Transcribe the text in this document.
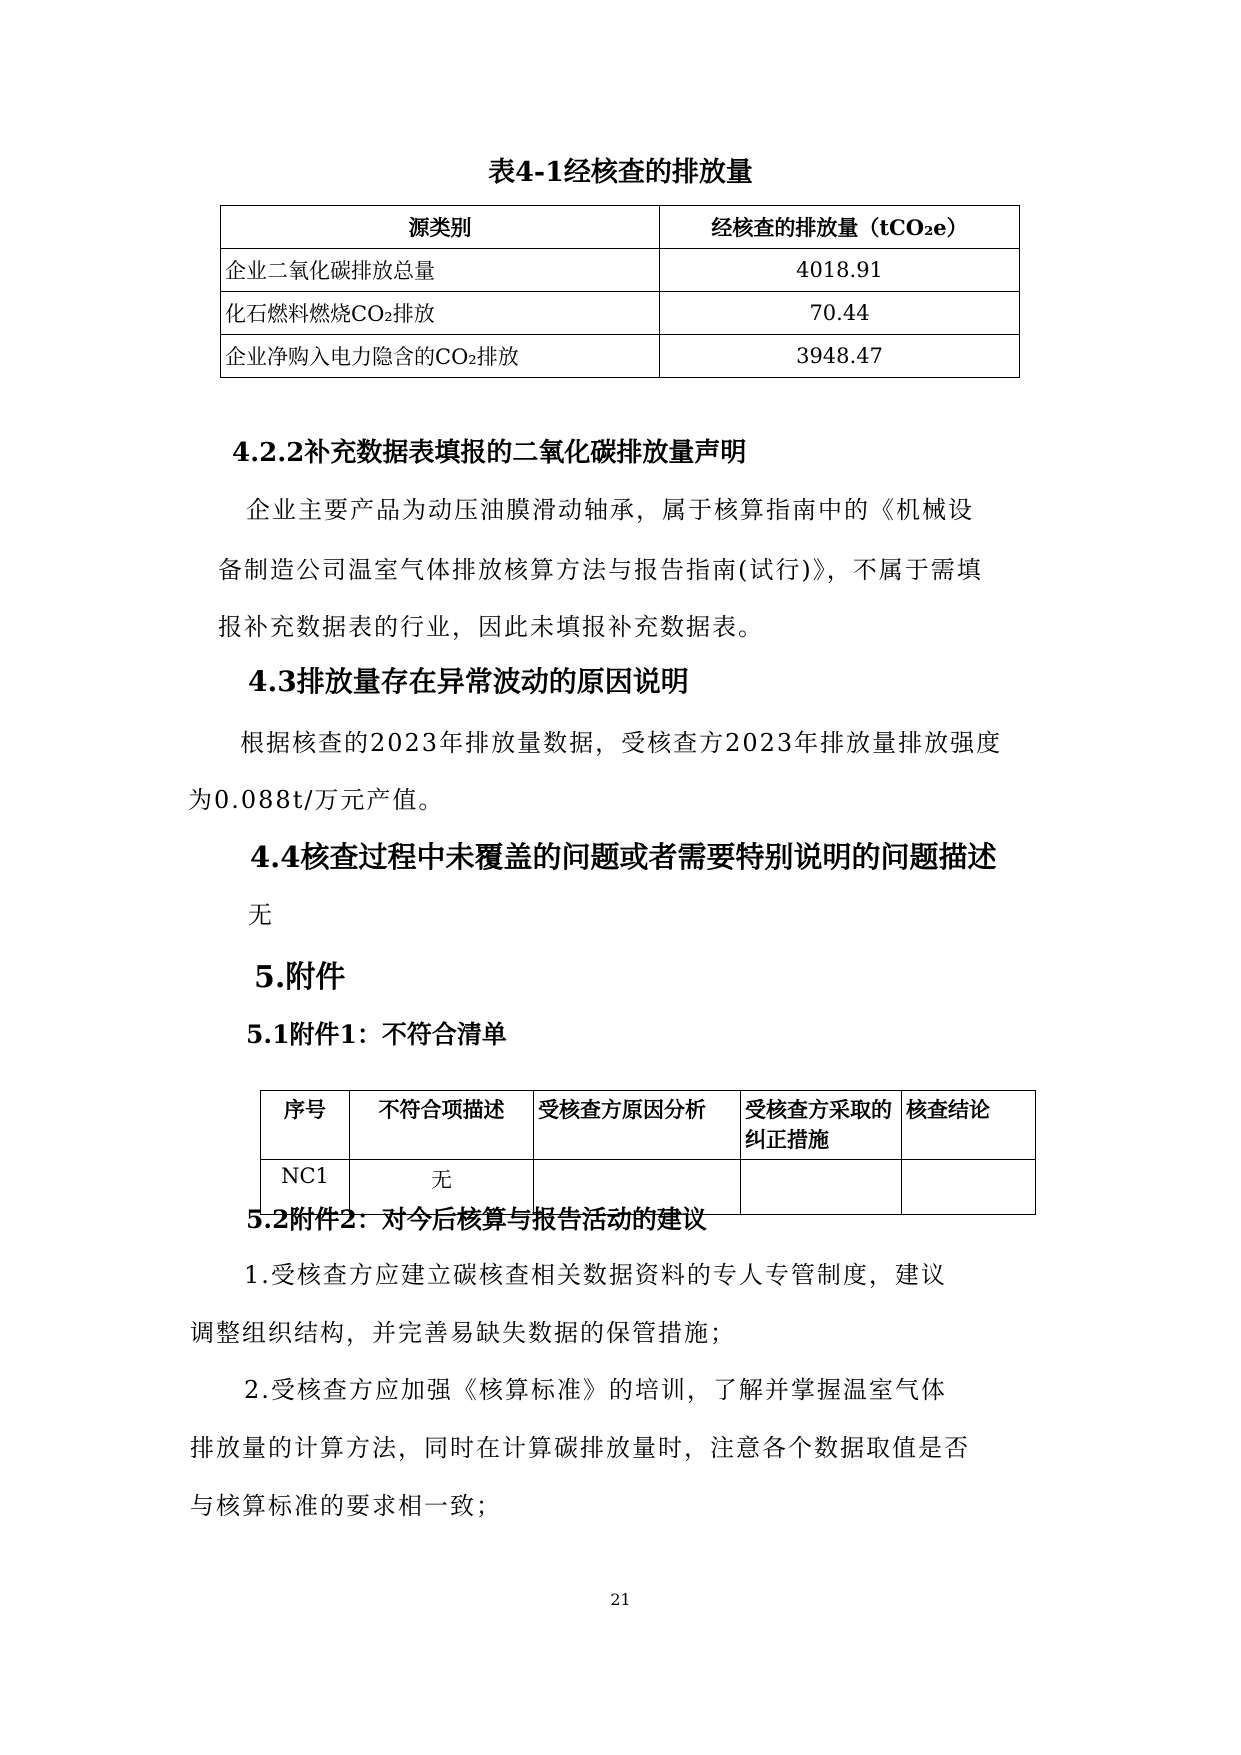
表4-1经核查的排放量
源类别	经核查的排放量（tCO₂e）
企业二氧化碳排放总量	4018.91
化石燃料燃烧CO₂排放	70.44
企业净购入电力隐含的CO₂排放	3948.47
4.2.2补充数据表填报的二氧化碳排放量声明
企业主要产品为动压油膜滑动轴承，属于核算指南中的《机械设
备制造公司温室气体排放核算方法与报告指南(试行)》，不属于需填
报补充数据表的行业，因此未填报补充数据表。
4.3排放量存在异常波动的原因说明
根据核查的2023年排放量数据，受核查方2023年排放量排放强度
为0.088t/万元产值。
4.4核查过程中未覆盖的问题或者需要特别说明的问题描述
无
5.附件
5.1附件1：不符合清单
序号	不符合项描述	受核查方原因分析	受核查方采取的纠正措施	核查结论
NC1	无			
5.2附件2：对今后核算与报告活动的建议
1.受核查方应建立碳核查相关数据资料的专人专管制度，建议
调整组织结构，并完善易缺失数据的保管措施；
2.受核查方应加强《核算标准》的培训，了解并掌握温室气体
排放量的计算方法，同时在计算碳排放量时，注意各个数据取值是否
与核算标准的要求相一致；
21
